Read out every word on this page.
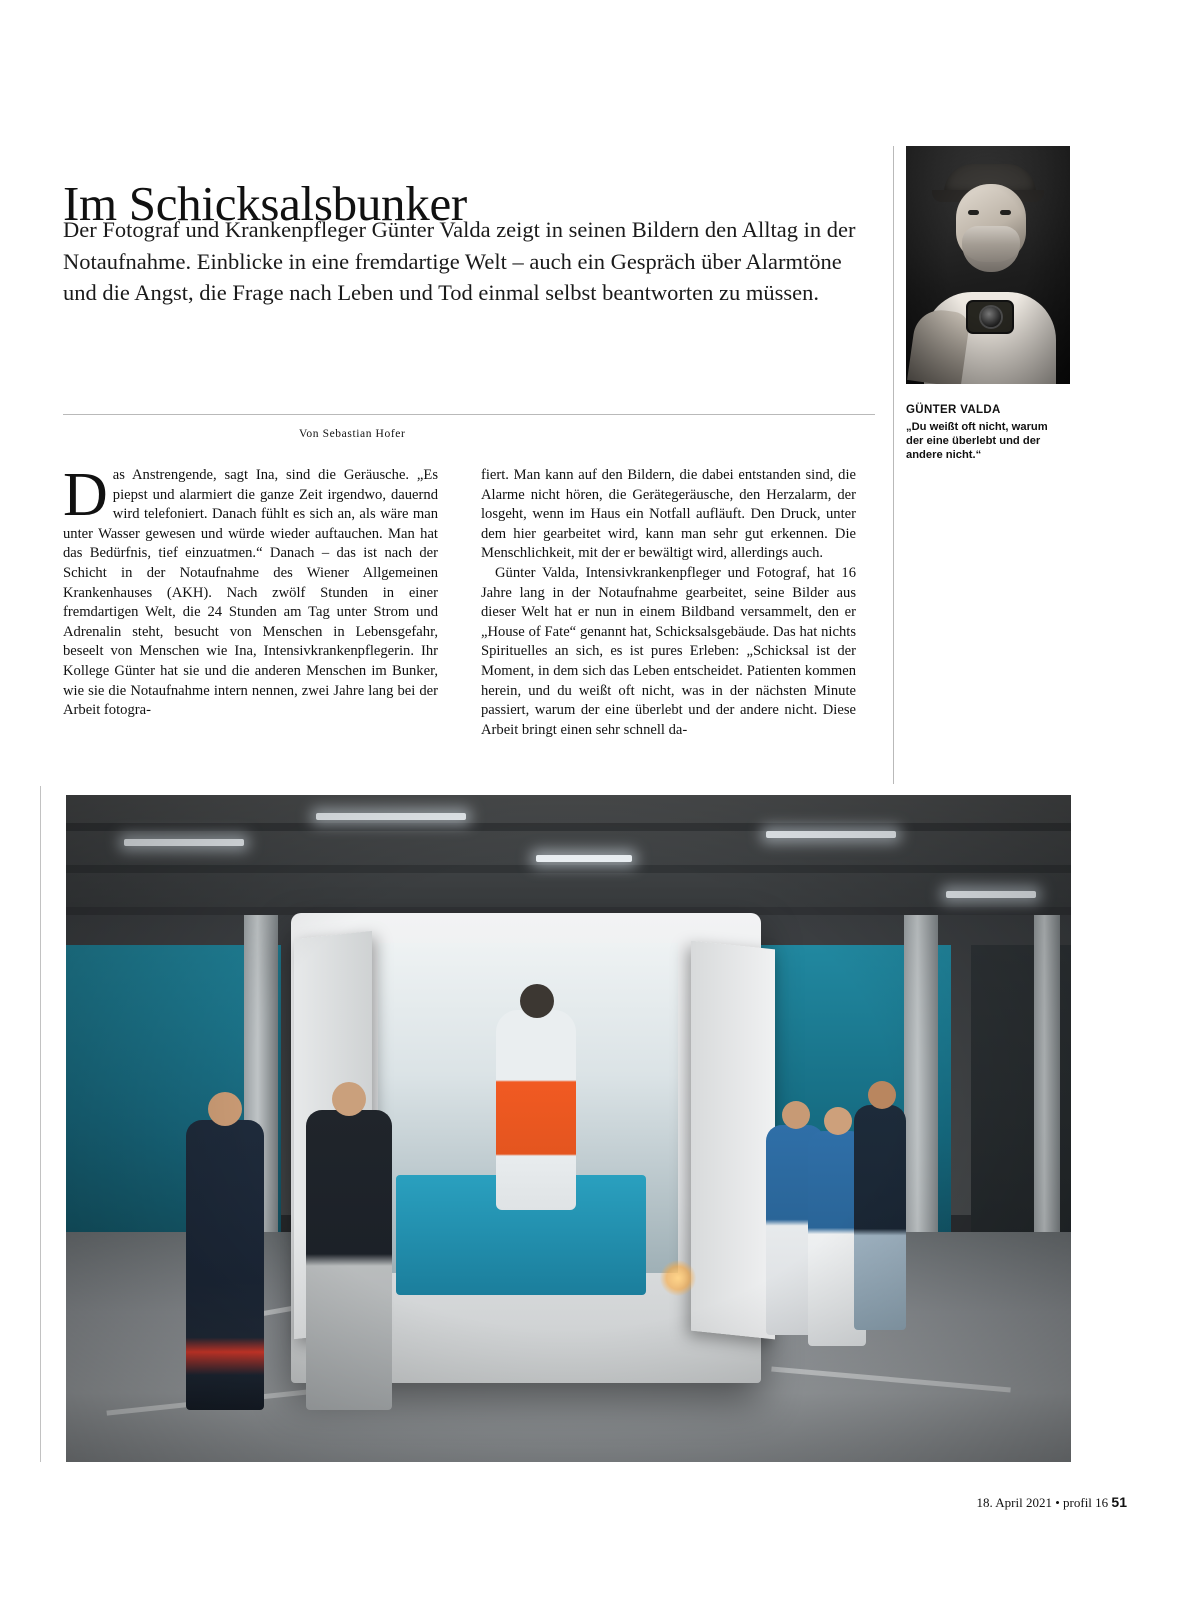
Im Schicksalsbunker
Der Fotograf und Krankenpfleger Günter Valda zeigt in seinen Bildern den Alltag in der Notaufnahme. Einblicke in eine fremdartige Welt – auch ein Gespräch über Alarmtöne und die Angst, die Frage nach Leben und Tod einmal selbst beantworten zu müssen.
GÜNTER VALDA
„Du weißt oft nicht, warum der eine überlebt und der andere nicht.“
Von Sebastian Hofer

Das Anstrengende, sagt Ina, sind die Geräusche. „Es piepst und alarmiert die ganze Zeit irgendwo, dauernd wird telefoniert. Danach fühlt es sich an, als wäre man unter Wasser gewesen und würde wieder auftauchen. Man hat das Bedürfnis, tief einzuatmen.“ Danach – das ist nach der Schicht in der Notaufnahme des Wiener Allgemeinen Krankenhauses (AKH). Nach zwölf Stunden in einer fremdartigen Welt, die 24 Stunden am Tag unter Strom und Adrenalin steht, besucht von Menschen in Lebensgefahr, beseelt von Menschen wie Ina, Intensivkrankenpflegerin. Ihr Kollege Günter hat sie und die anderen Menschen im Bunker, wie sie die Notaufnahme intern nennen, zwei Jahre lang bei der Arbeit fotogra-

fiert. Man kann auf den Bildern, die dabei entstanden sind, die Alarme nicht hören, die Gerätegeräusche, den Herzalarm, der losgeht, wenn im Haus ein Notfall aufläuft. Den Druck, unter dem hier gearbeitet wird, kann man sehr gut erkennen. Die Menschlichkeit, mit der er bewältigt wird, allerdings auch.

Günter Valda, Intensivkrankenpfleger und Fotograf, hat 16 Jahre lang in der Notaufnahme gearbeitet, seine Bilder aus dieser Welt hat er nun in einem Bildband versammelt, den er „House of Fate“ genannt hat, Schicksalsgebäude. Das hat nichts Spirituelles an sich, es ist pures Erleben: „Schicksal ist der Moment, in dem sich das Leben entscheidet. Patienten kommen herein, und du weißt oft nicht, was in der nächsten Minute passiert, warum der eine überlebt und der andere nicht. Diese Arbeit bringt einen sehr schnell da-

18. April 2021 • profil 16 51
